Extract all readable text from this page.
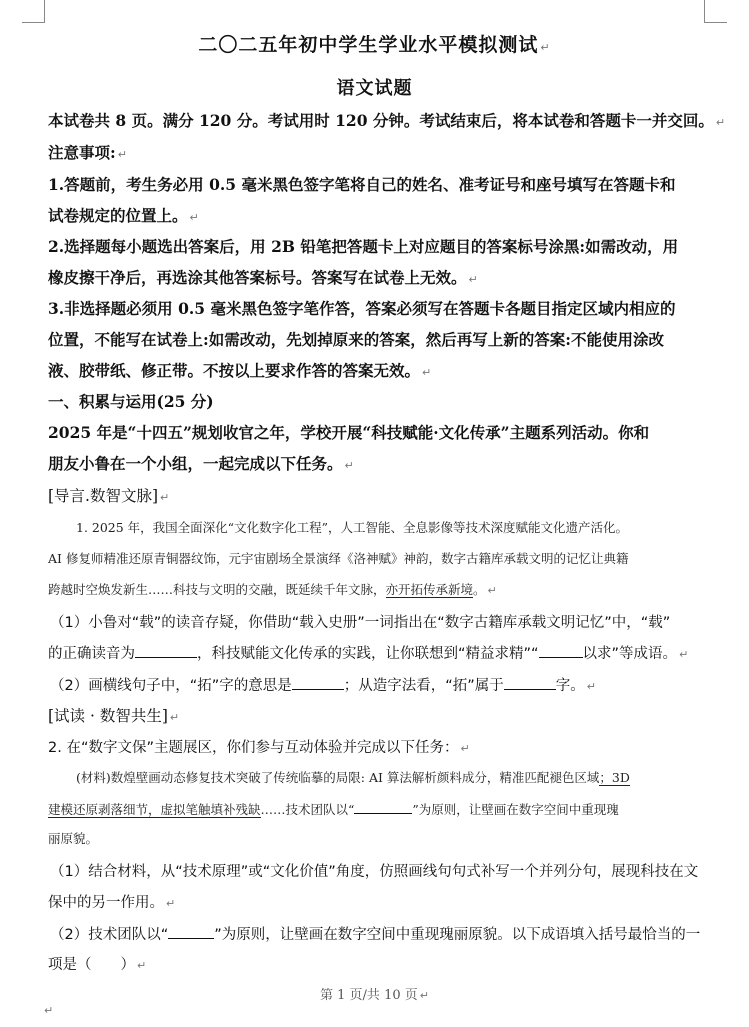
二〇二五年初中学生学业水平模拟测试 ↵
语文试题
本试卷共 8 页。满分 120 分。考试用时 120 分钟。考试结束后，将本试卷和答题卡一并交回。 ↵
注意事项: ↵
1.答题前，考生务必用 0.5 毫米黑色签字笔将自己的姓名、准考证号和座号填写在答题卡和
试卷规定的位置上。 ↵
2.选择题每小题选出答案后，用 2B 铅笔把答题卡上对应题目的答案标号涂黑:如需改动，用
橡皮擦干净后，再选涂其他答案标号。答案写在试卷上无效。 ↵
3.非选择题必须用 0.5 毫米黑色签字笔作答，答案必须写在答题卡各题目指定区域内相应的
位置，不能写在试卷上:如需改动，先划掉原来的答案，然后再写上新的答案:不能使用涂改
液、胶带纸、修正带。不按以上要求作答的答案无效。 ↵
一、积累与运用(25 分)
2025 年是“十四五”规划收官之年，学校开展“科技赋能·文化传承”主题系列活动。你和
朋友小鲁在一个小组，一起完成以下任务。 ↵
[导言.数智文脉] ↵
1. 2025 年，我国全面深化“文化数字化工程”，人工智能、全息影像等技术深度赋能文化遗产活化。
AI 修复师精准还原青铜器纹饰，元宇宙剧场全景演绎《洛神赋》神韵，数字古籍库承载文明的记忆让典籍
跨越时空焕发新生……科技与文明的交融，既延续千年文脉，亦开拓传承新境。 ↵
（1）小鲁对“载”的读音存疑，你借助“载入史册”一词指出在“数字古籍库承载文明记忆”中，“载”
的正确读音为	，科技赋能文化传承的实践，让你联想到“精益求精”“	以求”等成语。 ↵
（2）画横线句子中，“拓”字的意思是	；从造字法看，“拓”属于	字。 ↵
[试读 · 数智共生] ↵
2. 在“数字文保”主题展区，你们参与互动体验并完成以下任务： ↵
(材料)数煌壁画动态修复技术突破了传统临摹的局限: AI 算法解析颜料成分，精准匹配褪色区域；3D
建模还原剥落细节，虚拟笔触填补残缺……技术团队以“	”为原则，让壁画在数字空间中重现瑰
丽原貌。
（1）结合材料，从“技术原理”或“文化价值”角度，仿照画线句句式补写一个并列分句，展现科技在文
保中的另一作用。 ↵
（2）技术团队以“	”为原则，让壁画在数字空间中重现瑰丽原貌。以下成语填入括号最恰当的一
项是（　　） ↵
第 1 页/共 10 页 ↵
↵
